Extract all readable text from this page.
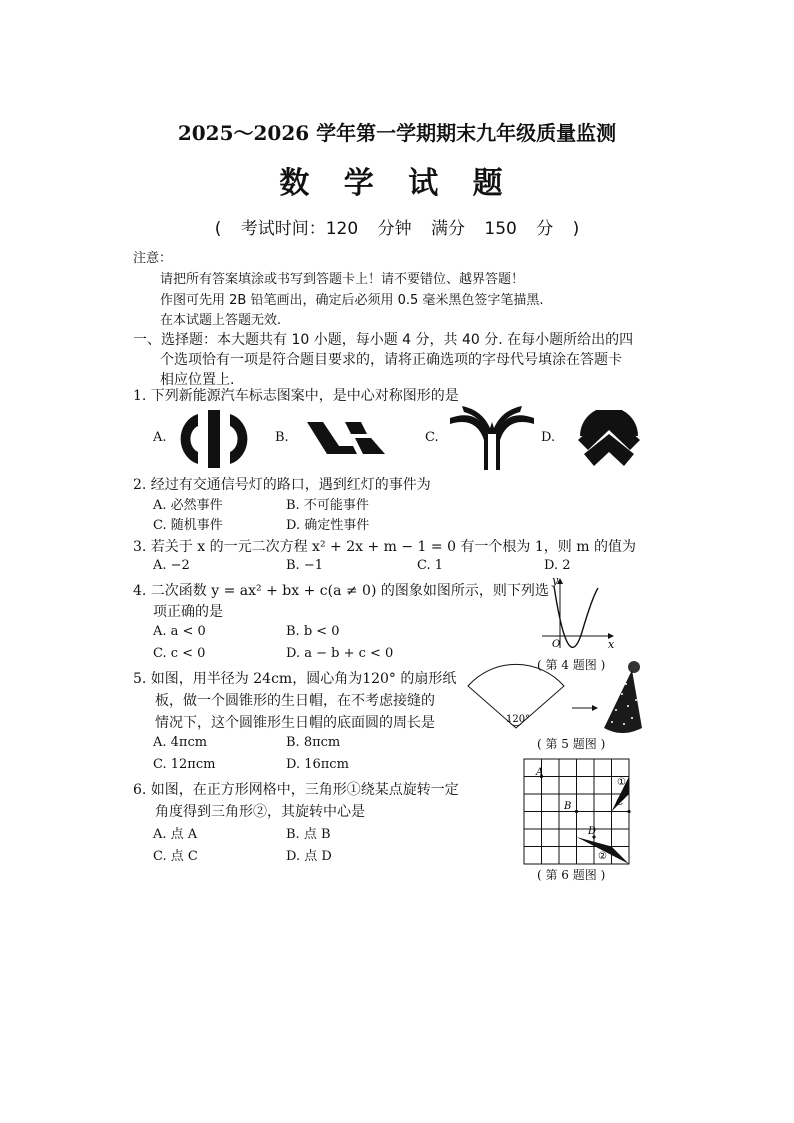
2025～2026 学年第一学期期末九年级质量监测
数 学 试 题
( 考试时间：120 分钟 满分 150 分 )
注意：
请把所有答案填涂或书写到答题卡上！请不要错位、越界答题！
作图可先用 2B 铅笔画出，确定后必须用 0.5 毫米黑色签字笔描黑.
在本试题上答题无效.
一、选择题：本大题共有 10 小题，每小题 4 分，共 40 分. 在每小题所给出的四
个选项恰有一项是符合题目要求的，请将正确选项的字母代号填涂在答题卡
相应位置上.
1. 下列新能源汽车标志图案中，是中心对称图形的是
A.	B.	C.	D.
2. 经过有交通信号灯的路口，遇到红灯的事件为
A. 必然事件	B. 不可能事件
C. 随机事件	D. 确定性事件
3. 若关于 x 的一元二次方程 x² + 2x + m − 1 = 0 有一个根为 1，则 m 的值为
A. −2	B. −1	C. 1	D. 2
4. 二次函数 y = ax² + bx + c(a ≠ 0) 的图象如图所示，则下列选
项正确的是
A. a < 0	B. b < 0
C. c < 0	D. a − b + c < 0
y
x
O
( 第 4 题图 )
5. 如图，用半径为 24cm，圆心角为120° 的扇形纸
板，做一个圆锥形的生日帽，在不考虑接缝的
情况下，这个圆锥形生日帽的底面圆的周长是
A. 4πcm	B. 8πcm
C. 12πcm	D. 16πcm
120°
( 第 5 题图 )
6. 如图，在正方形网格中，三角形①绕某点旋转一定
角度得到三角形②，其旋转中心是
A. 点 A	B. 点 B
C. 点 C	D. 点 D
A
B	C
D
①
②
( 第 6 题图 )
